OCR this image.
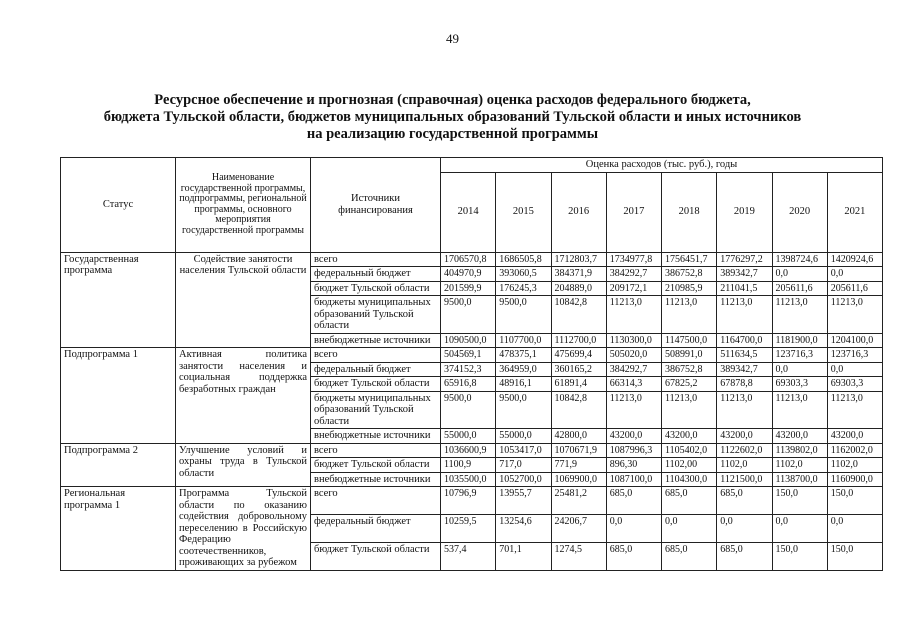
49
Ресурсное обеспечение и прогнозная (справочная) оценка расходов федерального бюджета,
бюджета Тульской области, бюджетов муниципальных образований Тульской области и иных источников
на реализацию государственной программы
Статус	Наименование государственной программы, подпрограммы, региональной программы, основного мероприятия государственной программы	Источники финансирования	Оценка расходов (тыс. руб.), годы							
			2014	2015	2016	2017	2018	2019	2020	2021
Государственная программа	Содействие занятости населения Тульской области	всего	1706570,8	1686505,8	1712803,7	1734977,8	1756451,7	1776297,2	1398724,6	1420924,6
		федеральный бюджет	404970,9	393060,5	384371,9	384292,7	386752,8	389342,7	0,0	0,0
		бюджет Тульской области	201599,9	176245,3	204889,0	209172,1	210985,9	211041,5	205611,6	205611,6
		бюджеты муниципальных образований Тульской области	9500,0	9500,0	10842,8	11213,0	11213,0	11213,0	11213,0	11213,0
		внебюджетные источники	1090500,0	1107700,0	1112700,0	1130300,0	1147500,0	1164700,0	1181900,0	1204100,0
Подпрограмма 1	Активная политика занятости населения и социальная поддержка безработных граждан	всего	504569,1	478375,1	475699,4	505020,0	508991,0	511634,5	123716,3	123716,3
		федеральный бюджет	374152,3	364959,0	360165,2	384292,7	386752,8	389342,7	0,0	0,0
		бюджет Тульской области	65916,8	48916,1	61891,4	66314,3	67825,2	67878,8	69303,3	69303,3
		бюджеты муниципальных образований Тульской области	9500,0	9500,0	10842,8	11213,0	11213,0	11213,0	11213,0	11213,0
		внебюджетные источники	55000,0	55000,0	42800,0	43200,0	43200,0	43200,0	43200,0	43200,0
Подпрограмма 2	Улучшение условий и охраны труда в Тульской области	всего	1036600,9	1053417,0	1070671,9	1087996,3	1105402,0	1122602,0	1139802,0	1162002,0
		бюджет Тульской области	1100,9	717,0	771,9	896,30	1102,00	1102,0	1102,0	1102,0
		внебюджетные источники	1035500,0	1052700,0	1069900,0	1087100,0	1104300,0	1121500,0	1138700,0	1160900,0
Региональная программа 1	Программа Тульской области по оказанию содействия добровольному переселению в Российскую Федерацию соотечественников, проживающих за рубежом	всего	10796,9	13955,7	25481,2	685,0	685,0	685,0	150,0	150,0
		федеральный бюджет	10259,5	13254,6	24206,7	0,0	0,0	0,0	0,0	0,0
		бюджет Тульской области	537,4	701,1	1274,5	685,0	685,0	685,0	150,0	150,0
